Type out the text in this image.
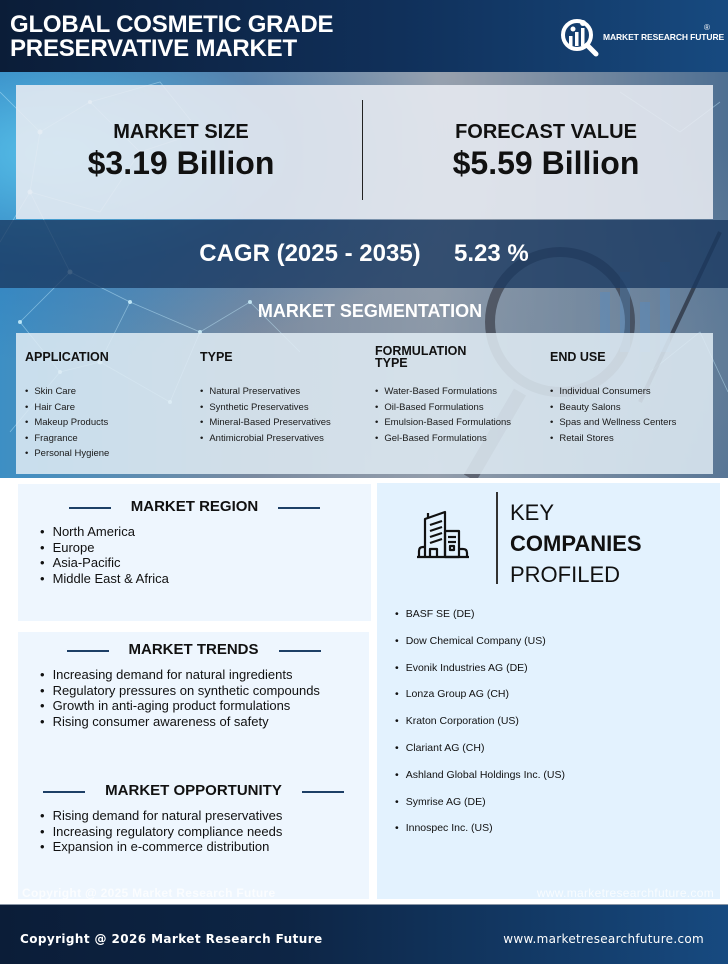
GLOBAL COSMETIC GRADE
PRESERVATIVE MARKET	MARKET RESEARCH FUTURE
®
MARKET SIZE
$3.19 Billion
FORECAST VALUE
$5.59 Billion
CAGR (2025 - 2035)     5.23 %
MARKET SEGMENTATION
APPLICATION
• Skin Care
• Hair Care
• Makeup Products
• Fragrance
• Personal Hygiene
TYPE
• Natural Preservatives
• Synthetic Preservatives
• Mineral-Based Preservatives
• Antimicrobial Preservatives
FORMULATION
TYPE
• Water-Based Formulations
• Oil-Based Formulations
• Emulsion-Based Formulations
• Gel-Based Formulations
END USE
• Individual Consumers
• Beauty Salons
• Spas and Wellness Centers
• Retail Stores
MARKET REGION
• North America
• Europe
• Asia-Pacific
• Middle East & Africa
MARKET TRENDS
• Increasing demand for natural ingredients
• Regulatory pressures on synthetic compounds
• Growth in anti-aging product formulations
• Rising consumer awareness of safety
MARKET OPPORTUNITY
• Rising demand for natural preservatives
• Increasing regulatory compliance needs
• Expansion in e-commerce distribution
KEY
COMPANIES
PROFILED
• BASF SE (DE)
• Dow Chemical Company (US)
• Evonik Industries AG (DE)
• Lonza Group AG (CH)
• Kraton Corporation (US)
• Clariant AG (CH)
• Ashland Global Holdings Inc. (US)
• Symrise AG (DE)
• Innospec Inc. (US)
Copyright @ 2025 Market Research Future	www.marketresearchfuture.com
Copyright @ 2026 Market Research Future	www.marketresearchfuture.com
